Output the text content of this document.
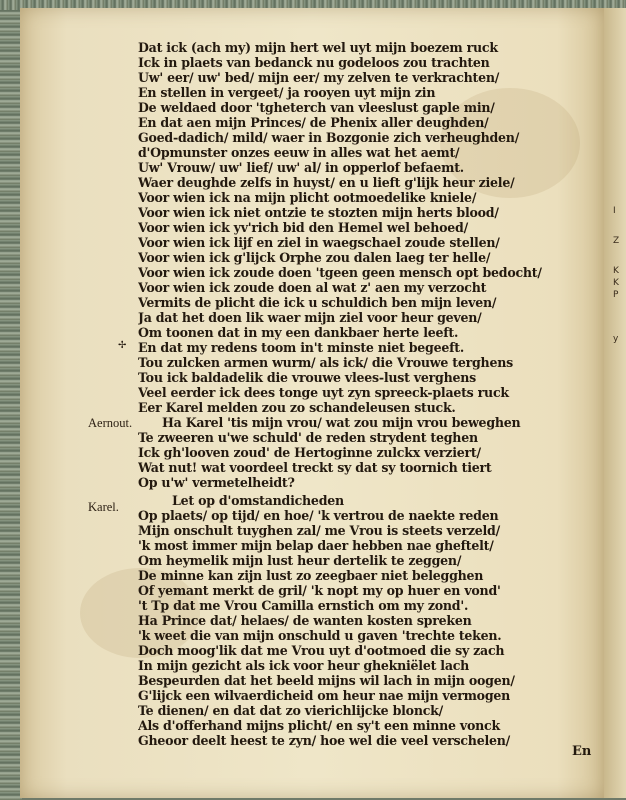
I
Z
K
K
P
y
Dat ick (ach my) mijn hert wel uyt mijn boezem ruck
Ick in plaets van bedanck nu godeloos zou trachten
Uw' eer/ uw' bed/ mijn eer/ my zelven te verkrachten/
En stellen in vergeet/ ja rooyen uyt mijn zin
De weldaed door 'tgheterch van vleeslust gaple min/
En dat aen mijn Princes/ de Phenix aller deughden/
Goed-dadich/ mild/ waer in Bozgonie zich verheughden/
d'Opmunster onzes eeuw in alles wat het aemt/
Uw' Vrouw/ uw' lief/ uw' al/ in opperlof befaemt.
Waer deughde zelfs in huyst/ en u lieft g'lijk heur ziele/
Voor wien ick na mijn plicht ootmoedelike kniele/
Voor wien ick niet ontzie te stozten mijn herts blood/
Voor wien ick yv'rich bid den Hemel wel behoed/
Voor wien ick lijf en ziel in waegschael zoude stellen/
Voor wien ick g'lijck Orphe zou dalen laeg ter helle/
Voor wien ick zoude doen 'tgeen geen mensch opt bedocht/
Voor wien ick zoude doen al wat z' aen my verzocht
Vermits de plicht die ick u schuldich ben mijn leven/
Ja dat het doen lik waer mijn ziel voor heur geven/
Om toonen dat in my een dankbaer herte leeft.
En dat my redens toom in't minste niet begeeft.
Tou zulcken armen wurm/ als ick/ die Vrouwe terghens
Tou ick baldadelik die vrouwe vlees-lust verghens
Veel eerder ick dees tonge uyt zyn spreeck-plaets ruck
Eer Karel melden zou zo schandeleusen stuck.
Ha Karel 'tis mijn vrou/ wat zou mijn vrou beweghen
Te zweeren u'we schuld' de reden strydent teghen
Ick gh'looven zoud' de Hertoginne zulckx verziert/
Wat nut! wat voordeel treckt sy dat sy toornich tiert
Op u'w' vermetelheidt?
Let op d'omstandicheden
Op plaets/ op tijd/ en hoe/ 'k vertrou de naekte reden
Mijn onschult tuyghen zal/ me Vrou is steets verzeld/
'k most immer mijn belap daer hebben nae gheftelt/
Om heymelik mijn lust heur dertelik te zeggen/
De minne kan zijn lust zo zeegbaer niet belegghen
Of yemant merkt de gril/ 'k nopt my op huer en vond'
't Tp dat me Vrou Camilla ernstich om my zond'.
Ha Prince dat/ helaes/ de wanten kosten spreken
'k weet die van mijn onschuld u gaven 'trechte teken.
Doch moog'lik dat me Vrou uyt d'ootmoed die sy zach
In mijn gezicht als ick voor heur ghekniëlet lach
Bespeurden dat het beeld mijns wil lach in mijn oogen/
G'lijck een wilvaerdicheid om heur nae mijn vermogen
Te dienen/ en dat dat zo vierichlijcke blonck/
Als d'offerhand mijns plicht/ en sy't een minne vonck
Gheoor deelt heest te zyn/ hoe wel die veel verschelen/
✢
Aernout.
Karel.
En
